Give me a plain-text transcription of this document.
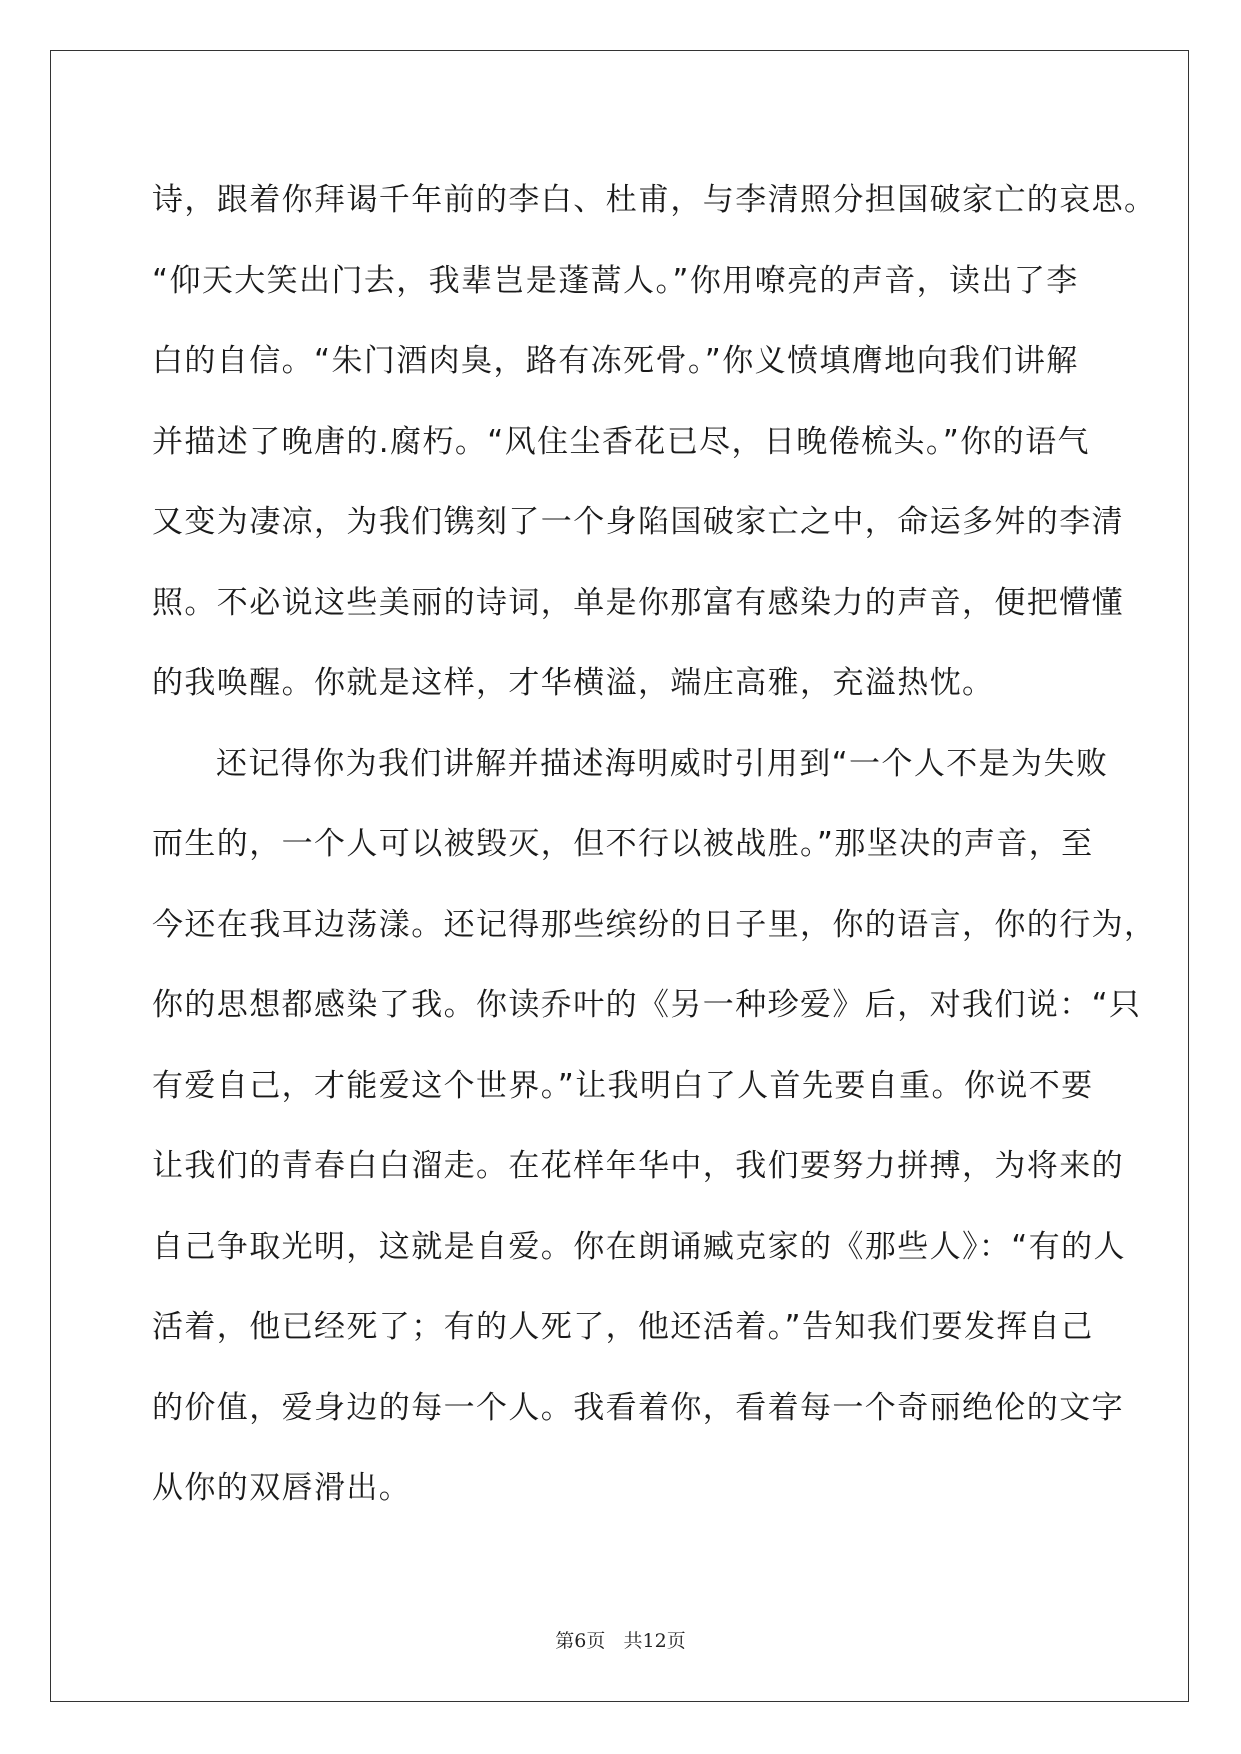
诗，跟着你拜谒千年前的李白、杜甫，与李清照分担国破家亡的哀思。
“仰天大笑出门去，我辈岂是蓬蒿人。”你用嘹亮的声音，读出了李
白的自信。“朱门酒肉臭，路有冻死骨。”你义愤填膺地向我们讲解
并描述了晚唐的.腐朽。“风住尘香花已尽，日晚倦梳头。”你的语气
又变为凄凉，为我们镌刻了一个身陷国破家亡之中，命运多舛的李清
照。不必说这些美丽的诗词，单是你那富有感染力的声音，便把懵懂
的我唤醒。你就是这样，才华横溢，端庄高雅，充溢热忱。
还记得你为我们讲解并描述海明威时引用到“一个人不是为失败
而生的，一个人可以被毁灭，但不行以被战胜。”那坚决的声音，至
今还在我耳边荡漾。还记得那些缤纷的日子里，你的语言，你的行为，
你的思想都感染了我。你读乔叶的《另一种珍爱》后，对我们说：“只
有爱自己，才能爱这个世界。”让我明白了人首先要自重。你说不要
让我们的青春白白溜走。在花样年华中，我们要努力拼搏，为将来的
自己争取光明，这就是自爱。你在朗诵臧克家的《那些人》：“有的人
活着，他已经死了；有的人死了，他还活着。”告知我们要发挥自己
的价值，爱身边的每一个人。我看着你，看着每一个奇丽绝伦的文字
从你的双唇滑出。
第6页 共12页
